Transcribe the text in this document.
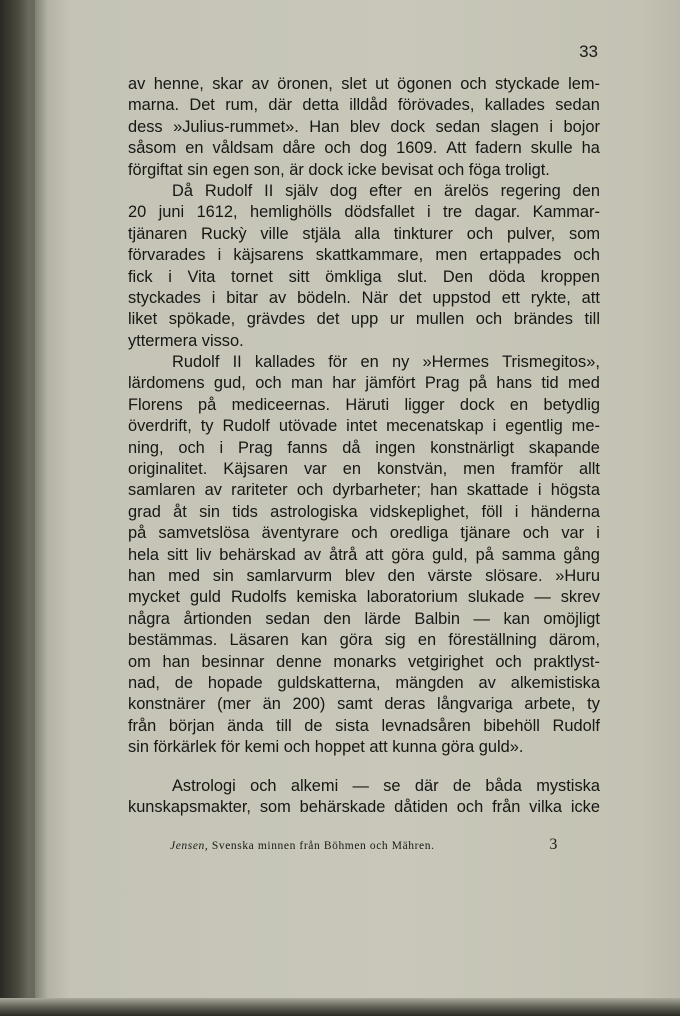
33
av henne, skar av öronen, slet ut ögonen och styckade lem-
marna. Det rum, där detta illdåd förövades, kallades sedan
dess »Julius-rummet». Han blev dock sedan slagen i bojor
såsom en våldsam dåre och dog 1609. Att fadern skulle ha
förgiftat sin egen son, är dock icke bevisat och föga troligt.
Då Rudolf II själv dog efter en ärelös regering den
20 juni 1612, hemlighölls dödsfallet i tre dagar. Kammar-
tjänaren Ruckỳ ville stjäla alla tinkturer och pulver, som
förvarades i käjsarens skattkammare, men ertappades och
fick i Vita tornet sitt ömkliga slut. Den döda kroppen
styckades i bitar av bödeln. När det uppstod ett rykte, att
liket spökade, grävdes det upp ur mullen och brändes till
yttermera visso.
Rudolf II kallades för en ny »Hermes Trismegitos»,
lärdomens gud, och man har jämfört Prag på hans tid med
Florens på mediceernas. Häruti ligger dock en betydlig
överdrift, ty Rudolf utövade intet mecenatskap i egentlig me-
ning, och i Prag fanns då ingen konstnärligt skapande
originalitet. Käjsaren var en konstvän, men framför allt
samlaren av rariteter och dyrbarheter; han skattade i högsta
grad åt sin tids astrologiska vidskeplighet, föll i händerna
på samvetslösa äventyrare och oredliga tjänare och var i
hela sitt liv behärskad av åtrå att göra guld, på samma gång
han med sin samlarvurm blev den värste slösare. »Huru
mycket guld Rudolfs kemiska laboratorium slukade — skrev
några årtionden sedan den lärde Balbin — kan omöjligt
bestämmas. Läsaren kan göra sig en föreställning därom,
om han besinnar denne monarks vetgirighet och praktlyst-
nad, de hopade guldskatterna, mängden av alkemistiska
konstnärer (mer än 200) samt deras långvariga arbete, ty
från början ända till de sista levnadsåren bibehöll Rudolf
sin förkärlek för kemi och hoppet att kunna göra guld».
Astrologi och alkemi — se där de båda mystiska
kunskapsmakter, som behärskade dåtiden och från vilka icke
Jensen, Svenska minnen från Böhmen och Mähren.	3
